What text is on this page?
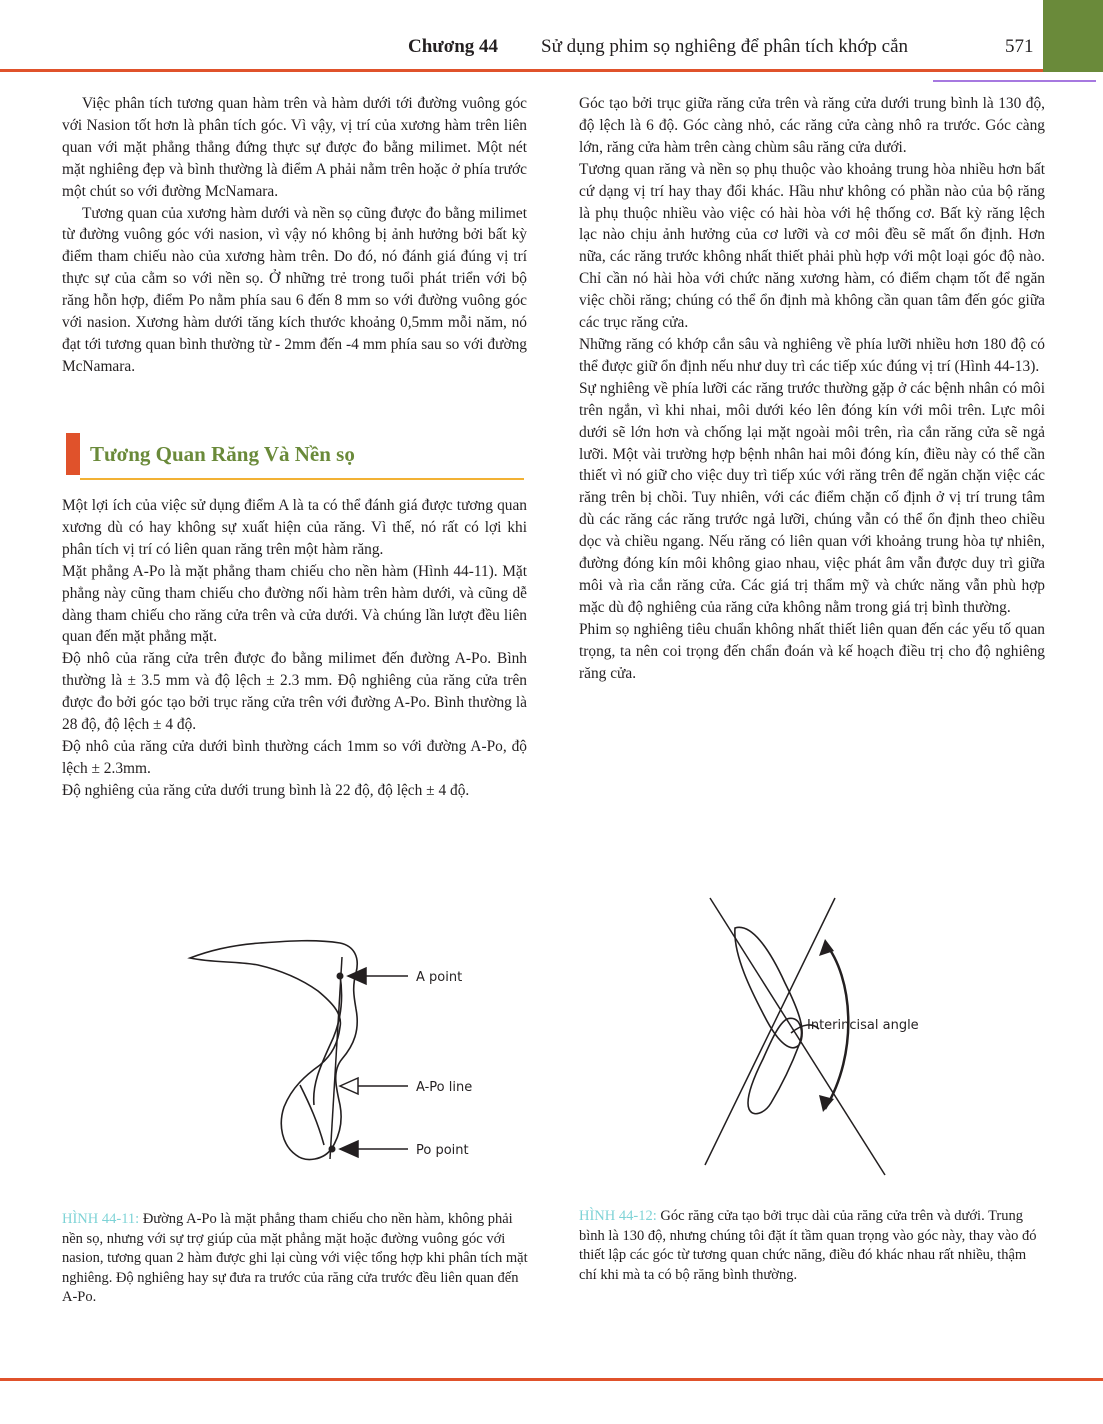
Chương 44 Sử dụng phim sọ nghiêng để phân tích khớp cắn	571

Việc phân tích tương quan hàm trên và hàm dưới tới đường vuông góc với Nasion tốt hơn là phân tích góc. Vì vậy, vị trí của xương hàm trên liên quan với mặt phẳng thẳng đứng thực sự được đo bằng milimet. Một nét mặt nghiêng đẹp và bình thường là điểm A phải nằm trên hoặc ở phía trước một chút so với đường McNamara.

Tương quan của xương hàm dưới và nền sọ cũng được đo bằng milimet từ đường vuông góc với nasion, vì vậy nó không bị ảnh hưởng bởi bất kỳ điểm tham chiếu nào của xương hàm trên. Do đó, nó đánh giá đúng vị trí thực sự của cằm so với nền sọ. Ở những trẻ trong tuổi phát triển với bộ răng hỗn hợp, điểm Po nằm phía sau 6 đến 8 mm so với đường vuông góc với nasion. Xương hàm dưới tăng kích thước khoảng 0,5mm mỗi năm, nó đạt tới tương quan bình thường từ - 2mm đến -4 mm phía sau so với đường McNamara.

Tương Quan Răng Và Nền sọ

Một lợi ích của việc sử dụng điểm A là ta có thể đánh giá được tương quan xương dù có hay không sự xuất hiện của răng. Vì thế, nó rất có lợi khi phân tích vị trí có liên quan răng trên một hàm răng.

Mặt phẳng A-Po là mặt phẳng tham chiếu cho nền hàm (Hình 44-11). Mặt phẳng này cũng tham chiếu cho đường nối hàm trên hàm dưới, và cũng dễ dàng tham chiếu cho răng cửa trên và cửa dưới. Và chúng lần lượt đều liên quan đến mặt phẳng mặt.

Độ nhô của răng cửa trên được đo bằng milimet đến đường A-Po. Bình thường là ± 3.5 mm và độ lệch ± 2.3 mm. Độ nghiêng của răng cửa trên được đo bởi góc tạo bởi trục răng cửa trên với đường A-Po. Bình thường là 28 độ, độ lệch ± 4 độ.

Độ nhô của răng cửa dưới bình thường cách 1mm so với đường A-Po, độ lệch ± 2.3mm.

Độ nghiêng của răng cửa dưới trung bình là 22 độ, độ lệch ± 4 độ.

Góc tạo bởi trục giữa răng cửa trên và răng cửa dưới trung bình là 130 độ, độ lệch là 6 độ. Góc càng nhỏ, các răng cửa càng nhô ra trước. Góc càng lớn, răng cửa hàm trên càng chùm sâu răng cửa dưới.

Tương quan răng và nền sọ phụ thuộc vào khoảng trung hòa nhiều hơn bất cứ dạng vị trí hay thay đổi khác. Hầu như không có phần nào của bộ răng là phụ thuộc nhiều vào việc có hài hòa với hệ thống cơ. Bất kỳ răng lệch lạc nào chịu ảnh hưởng của cơ lưỡi và cơ môi đều sẽ mất ổn định. Hơn nữa, các răng trước không nhất thiết phải phù hợp với một loại góc độ nào. Chỉ cần nó hài hòa với chức năng xương hàm, có điểm chạm tốt để ngăn việc chồi răng; chúng có thể ổn định mà không cần quan tâm đến góc giữa các trục răng cửa.

Những răng có khớp cắn sâu và nghiêng về phía lưỡi nhiều hơn 180 độ có thể được giữ ổn định nếu như duy trì các tiếp xúc đúng vị trí (Hình 44-13).

Sự nghiêng về phía lưỡi các răng trước thường gặp ở các bệnh nhân có môi trên ngắn, vì khi nhai, môi dưới kéo lên đóng kín với môi trên. Lực môi dưới sẽ lớn hơn và chống lại mặt ngoài môi trên, rìa cắn răng cửa sẽ ngả lưỡi. Một vài trường hợp bệnh nhân hai môi đóng kín, điều này có thể cần thiết vì nó giữ cho việc duy trì tiếp xúc với răng trên để ngăn chặn việc các răng trên bị chồi. Tuy nhiên, với các điểm chặn cố định ở vị trí trung tâm dù các răng các răng trước ngả lưỡi, chúng vẫn có thể ổn định theo chiều dọc và chiều ngang. Nếu răng có liên quan với khoảng trung hòa tự nhiên, đường đóng kín môi không giao nhau, việc phát âm vẫn được duy trì giữa môi và rìa cắn răng cửa. Các giá trị thẩm mỹ và chức năng vẫn phù hợp mặc dù độ nghiêng của răng cửa không nằm trong giá trị bình thường.

Phim sọ nghiêng tiêu chuẩn không nhất thiết liên quan đến các yếu tố quan trọng, ta nên coi trọng đến chẩn đoán và kế hoạch điều trị cho độ nghiêng răng cửa.

A point
A-Po line
Po point
Interincisal angle
HÌNH 44-11: Đường A-Po là mặt phẳng tham chiếu cho nền hàm, không phải nền sọ, nhưng với sự trợ giúp của mặt phẳng mặt hoặc đường vuông góc với nasion, tương quan 2 hàm được ghi lại cùng với việc tổng hợp khi phân tích mặt nghiêng. Độ nghiêng hay sự đưa ra trước của răng cửa trước đều liên quan đến A-Po.
HÌNH 44-12: Góc răng cửa tạo bởi trục dài của răng cửa trên và dưới. Trung bình là 130 độ, nhưng chúng tôi đặt ít tầm quan trọng vào góc này, thay vào đó thiết lập các góc từ tương quan chức năng, điều đó khác nhau rất nhiều, thậm chí khi mà ta có bộ răng bình thường.
